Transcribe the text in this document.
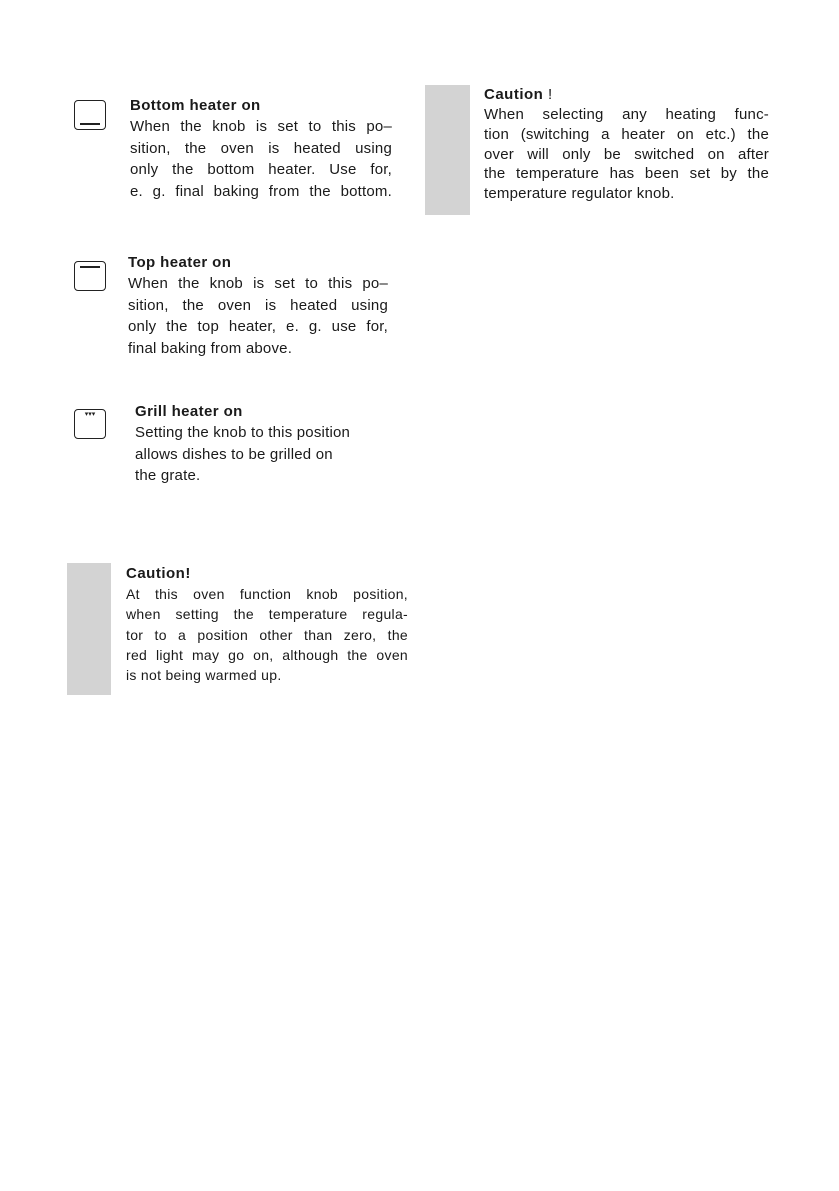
Bottom heater on
When the knob is set to this po–
sition, the oven is heated using
only the bottom heater. Use for,
e. g. final baking from the bottom.
Top heater on
When the knob is set to this po–
sition, the oven is heated using
only the top heater, e. g. use for,
final baking from above.
▾▾▾	Grill heater on
Setting the knob to this position
allows dishes to be grilled on
the grate.
Caution!
At this oven function knob position,
when setting the temperature regula-
tor to a position other than zero, the
red light may go on, although the oven
is not being warmed up.
Caution !
When selecting any heating func-
tion (switching a heater on etc.) the
over will only be switched on after
the temperature has been set by the
temperature regulator knob.
